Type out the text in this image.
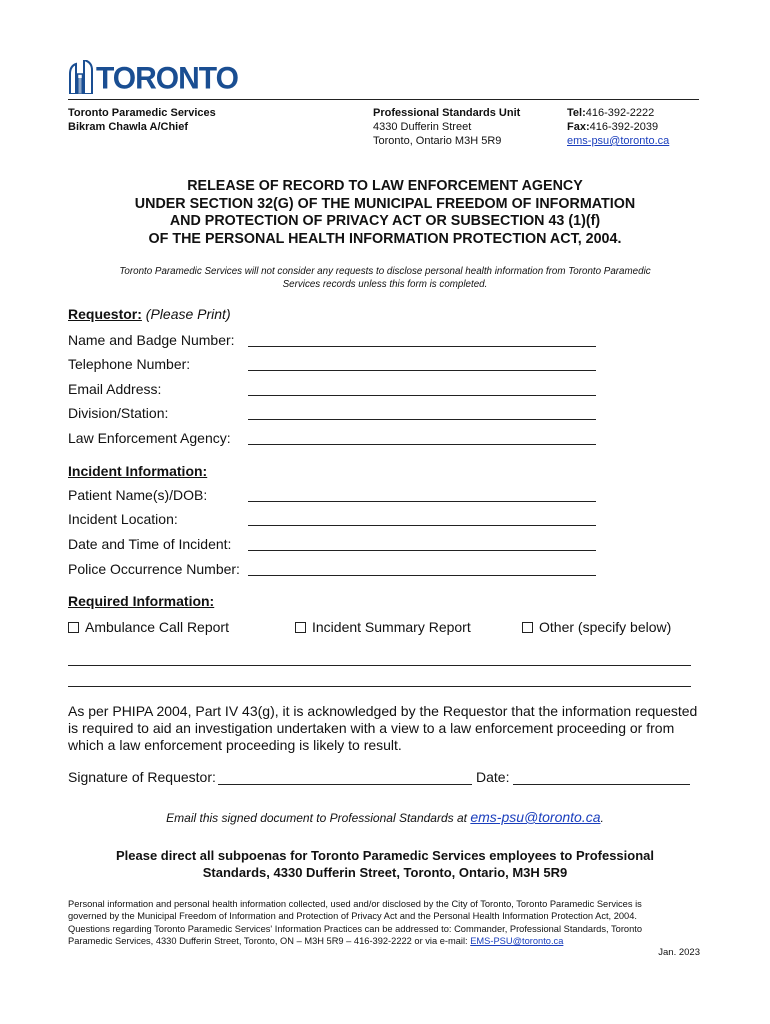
TORONTO
Toronto Paramedic Services
Bikram Chawla A/Chief
Professional Standards Unit
4330 Dufferin Street
Toronto, Ontario M3H 5R9
Tel:416-392-2222
Fax:416-392-2039
ems-psu@toronto.ca
RELEASE OF RECORD TO LAW ENFORCEMENT AGENCY
UNDER SECTION 32(G) OF THE MUNICIPAL FREEDOM OF INFORMATION
AND PROTECTION OF PRIVACY ACT OR SUBSECTION 43 (1)(f)
OF THE PERSONAL HEALTH INFORMATION PROTECTION ACT, 2004.
Toronto Paramedic Services will not consider any requests to disclose personal health information from Toronto Paramedic
Services records unless this form is completed.
Requestor: (Please Print)
Name and Badge Number:
Telephone Number:
Email Address:
Division/Station:
Law Enforcement Agency:
Incident Information:
Patient Name(s)/DOB:
Incident Location:
Date and Time of Incident:
Police Occurrence Number:
Required Information:
Ambulance Call Report	Incident Summary Report	Other (specify below)
As per PHIPA 2004, Part IV 43(g), it is acknowledged by the Requestor that the information requested
is required to aid an investigation undertaken with a view to a law enforcement proceeding or from
which a law enforcement proceeding is likely to result.
Signature of Requestor:	Date:
Email this signed document to Professional Standards at ems-psu@toronto.ca.
Please direct all subpoenas for Toronto Paramedic Services employees to Professional
Standards, 4330 Dufferin Street, Toronto, Ontario, M3H 5R9
Personal information and personal health information collected, used and/or disclosed by the City of Toronto, Toronto Paramedic Services is
governed by the Municipal Freedom of Information and Protection of Privacy Act and the Personal Health Information Protection Act, 2004.
Questions regarding Toronto Paramedic Services' Information Practices can be addressed to: Commander, Professional Standards, Toronto
Paramedic Services, 4330 Dufferin Street, Toronto, ON – M3H 5R9 – 416-392-2222 or via e-mail: EMS-PSU@toronto.ca
Jan. 2023
